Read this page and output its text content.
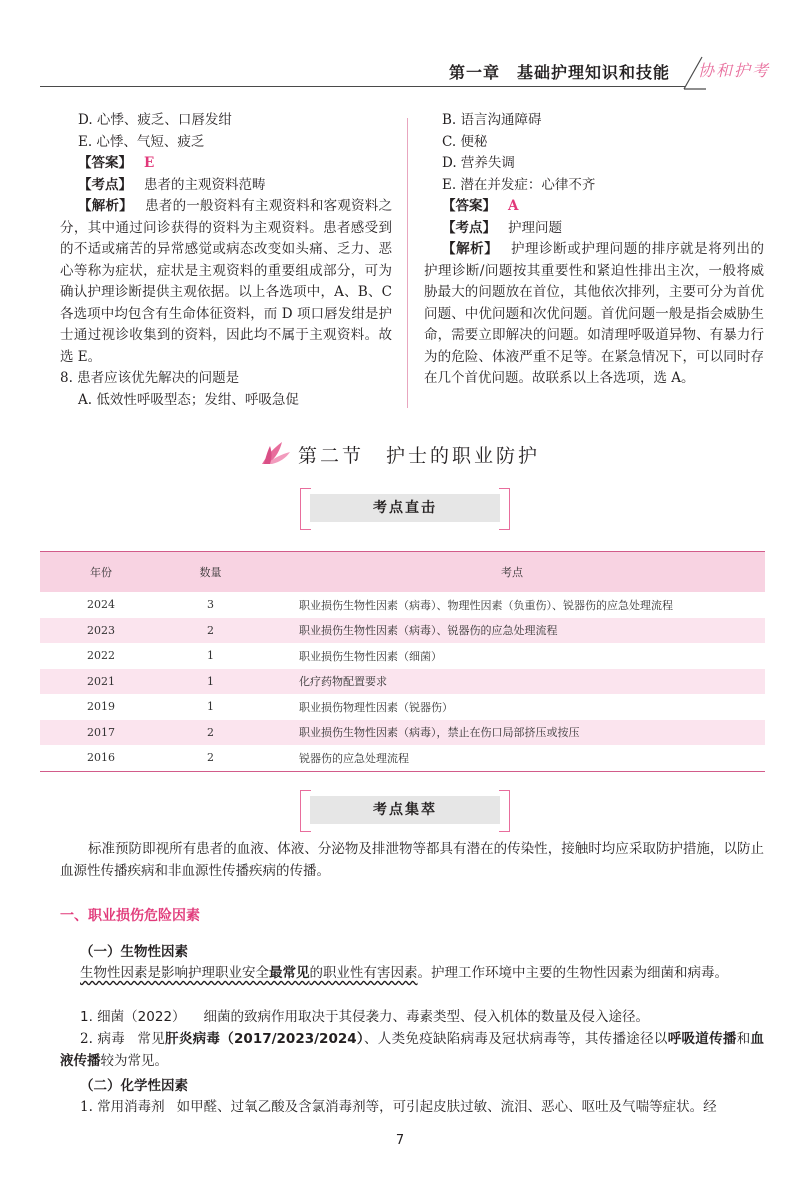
第一章　基础护理知识和技能 协和护考

D. 心悸、疲乏、口唇发绀

E. 心悸、气短、疲乏

【答案】 E

【考点】 患者的主观资料范畴

【解析】 患者的一般资料有主观资料和客观资料之分，其中通过问诊获得的资料为主观资料。患者感受到的不适或痛苦的异常感觉或病态改变如头痛、乏力、恶心等称为症状，症状是主观资料的重要组成部分，可为确认护理诊断提供主观依据。以上各选项中，A、B、C 各选项中均包含有生命体征资料，而 D 项口唇发绀是护士通过视诊收集到的资料，因此均不属于主观资料。故选 E。

8. 患者应该优先解决的问题是

A. 低效性呼吸型态；发绀、呼吸急促

B. 语言沟通障碍

C. 便秘

D. 营养失调

E. 潜在并发症：心律不齐

【答案】 A

【考点】 护理问题

【解析】 护理诊断或护理问题的排序就是将列出的护理诊断/问题按其重要性和紧迫性排出主次，一般将威胁最大的问题放在首位，其他依次排列，主要可分为首优问题、中优问题和次优问题。首优问题一般是指会威胁生命，需要立即解决的问题。如清理呼吸道异物、有暴力行为的危险、体液严重不足等。在紧急情况下，可以同时存在几个首优问题。故联系以上各选项，选 A。

第二节　护士的职业防护
考点直击
年份	数量	考点
2024	3	职业损伤生物性因素（病毒）、物理性因素（负重伤）、锐器伤的应急处理流程
2023	2	职业损伤生物性因素（病毒）、锐器伤的应急处理流程
2022	1	职业损伤生物性因素（细菌）
2021	1	化疗药物配置要求
2019	1	职业损伤物理性因素（锐器伤）
2017	2	职业损伤生物性因素（病毒），禁止在伤口局部挤压或按压
2016	2	锐器伤的应急处理流程
考点集萃

标准预防即视所有患者的血液、体液、分泌物及排泄物等都具有潜在的传染性，接触时均应采取防护措施，以防止血源性传播疾病和非血源性传播疾病的传播。

一、职业损伤危险因素
（一）生物性因素

生物性因素是影响护理职业安全最常见的职业性有害因素。护理工作环境中主要的生物性因素为细菌和病毒。

1. 细菌（2022） 细菌的致病作用取决于其侵袭力、毒素类型、侵入机体的数量及侵入途径。

2. 病毒 常见肝炎病毒（2017/2023/2024）、人类免疫缺陷病毒及冠状病毒等，其传播途径以呼吸道传播和血液传播较为常见。

（二）化学性因素

1. 常用消毒剂 如甲醛、过氧乙酸及含氯消毒剂等，可引起皮肤过敏、流泪、恶心、呕吐及气喘等症状。经

7
